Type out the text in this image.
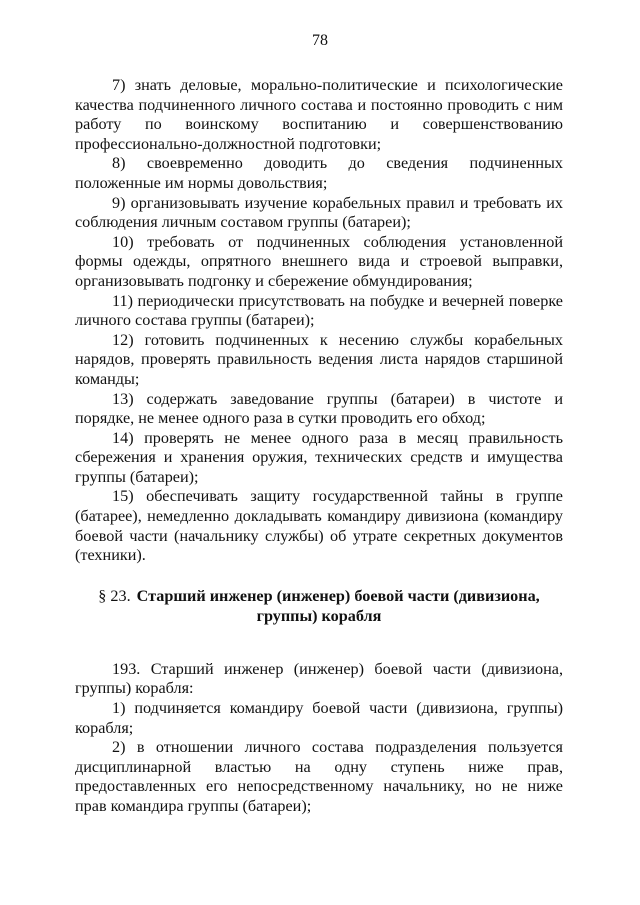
78

7) знать деловые, морально-политические и психологические качества подчиненного личного состава и постоянно проводить с ним работу по воинскому воспитанию и совершенствованию профессионально-должностной подготовки;

8) своевременно доводить до сведения подчиненных положенные им нормы довольствия;

9) организовывать изучение корабельных правил и требовать их соблюдения личным составом группы (батареи);

10) требовать от подчиненных соблюдения установленной формы одежды, опрятного внешнего вида и строевой выправки, организовывать подгонку и сбережение обмундирования;

11) периодически присутствовать на побудке и вечерней поверке личного состава группы (батареи);

12) готовить подчиненных к несению службы корабельных нарядов, проверять правильность ведения листа нарядов старшиной команды;

13) содержать заведование группы (батареи) в чистоте и порядке, не менее одного раза в сутки проводить его обход;

14) проверять не менее одного раза в месяц правильность сбережения и хранения оружия, технических средств и имущества группы (батареи);

15) обеспечивать защиту государственной тайны в группе (батарее), немедленно докладывать командиру дивизиона (командиру боевой части (начальнику службы) об утрате секретных документов (техники).

§ 23. Старший инженер (инженер) боевой части (дивизиона,
группы) корабля

193. Старший инженер (инженер) боевой части (дивизиона, группы) корабля:

1) подчиняется командиру боевой части (дивизиона, группы) корабля;

2) в отношении личного состава подразделения пользуется дисциплинарной властью на одну ступень ниже прав, предоставленных его непосредственному начальнику, но не ниже прав командира группы (батареи);
